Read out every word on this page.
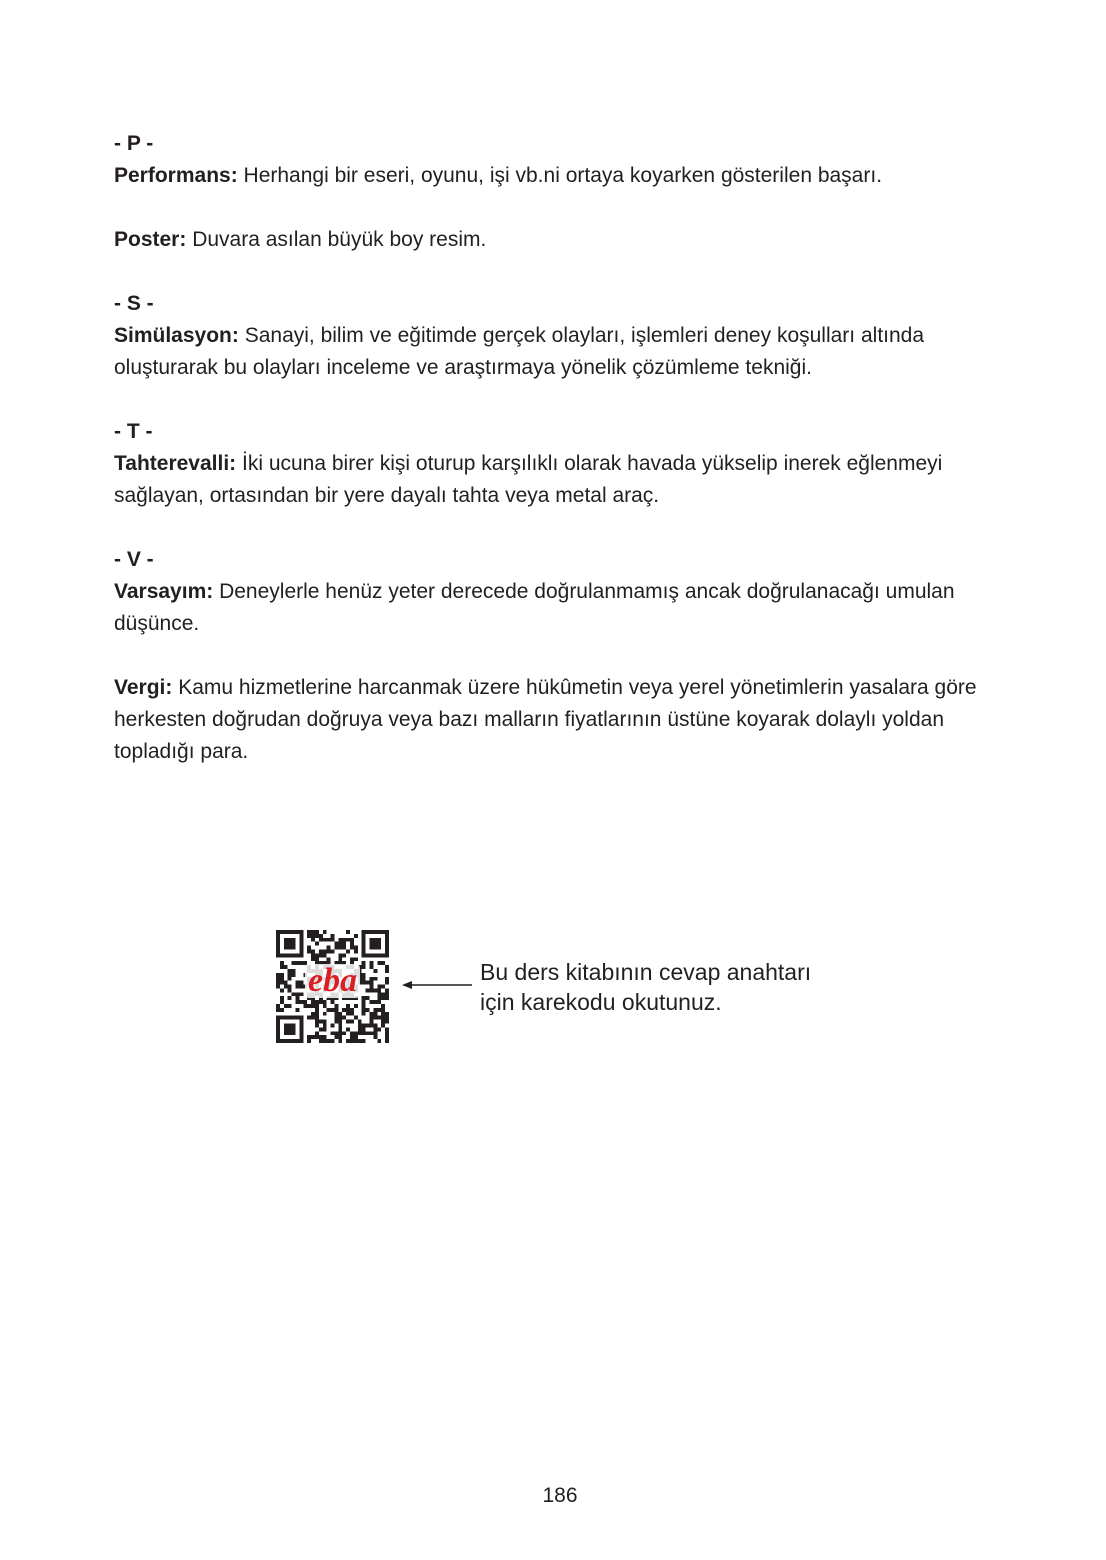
- P -

Performans: Herhangi bir eseri, oyunu, işi vb.ni ortaya koyarken gösterilen başarı.

Poster: Duvara asılan büyük boy resim.

- S -

Simülasyon: Sanayi, bilim ve eğitimde gerçek olayları, işlemleri deney koşulları altında oluşturarak bu olayları inceleme ve araştırmaya yönelik çözümleme tekniği.

- T -

Tahterevalli: İki ucuna birer kişi oturup karşılıklı olarak havada yükselip inerek eğlenmeyi sağlayan, ortasından bir yere dayalı tahta veya metal araç.

- V -

Varsayım: Deneylerle henüz yeter derecede doğrulanmamış ancak doğrulanacağı umulan düşünce.

Vergi: Kamu hizmetlerine harcanmak üzere hükûmetin veya yerel yönetimlerin yasalara göre herkesten doğrudan doğruya veya bazı malların fiyatlarının üstüne koyarak dolaylı yoldan topladığı para.

eba	Bu ders kitabının cevap anahtarı
için karekodu okutunuz.
186
